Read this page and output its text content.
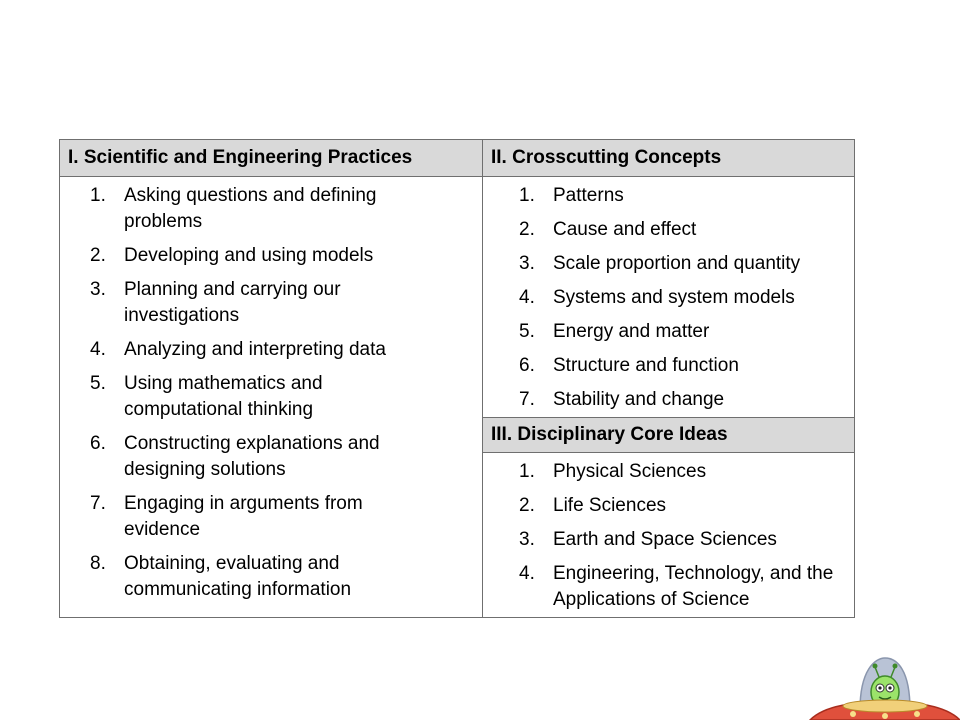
I. Scientific and Engineering Practices	II. Crosscutting Concepts
III. Disciplinary Core Ideas
1. Asking questions and defining problems
2. Developing and using models
3. Planning and carrying our investigations
4. Analyzing and interpreting data
5. Using mathematics and computational thinking
6. Constructing explanations and designing solutions
7. Engaging in arguments from evidence
8. Obtaining, evaluating and communicating information
1. Patterns
2. Cause and effect
3. Scale proportion and quantity
4. Systems and system models
5. Energy and matter
6. Structure and function
7. Stability and change
1. Physical Sciences
2. Life Sciences
3. Earth and Space Sciences
4. Engineering, Technology, and the Applications of Science
